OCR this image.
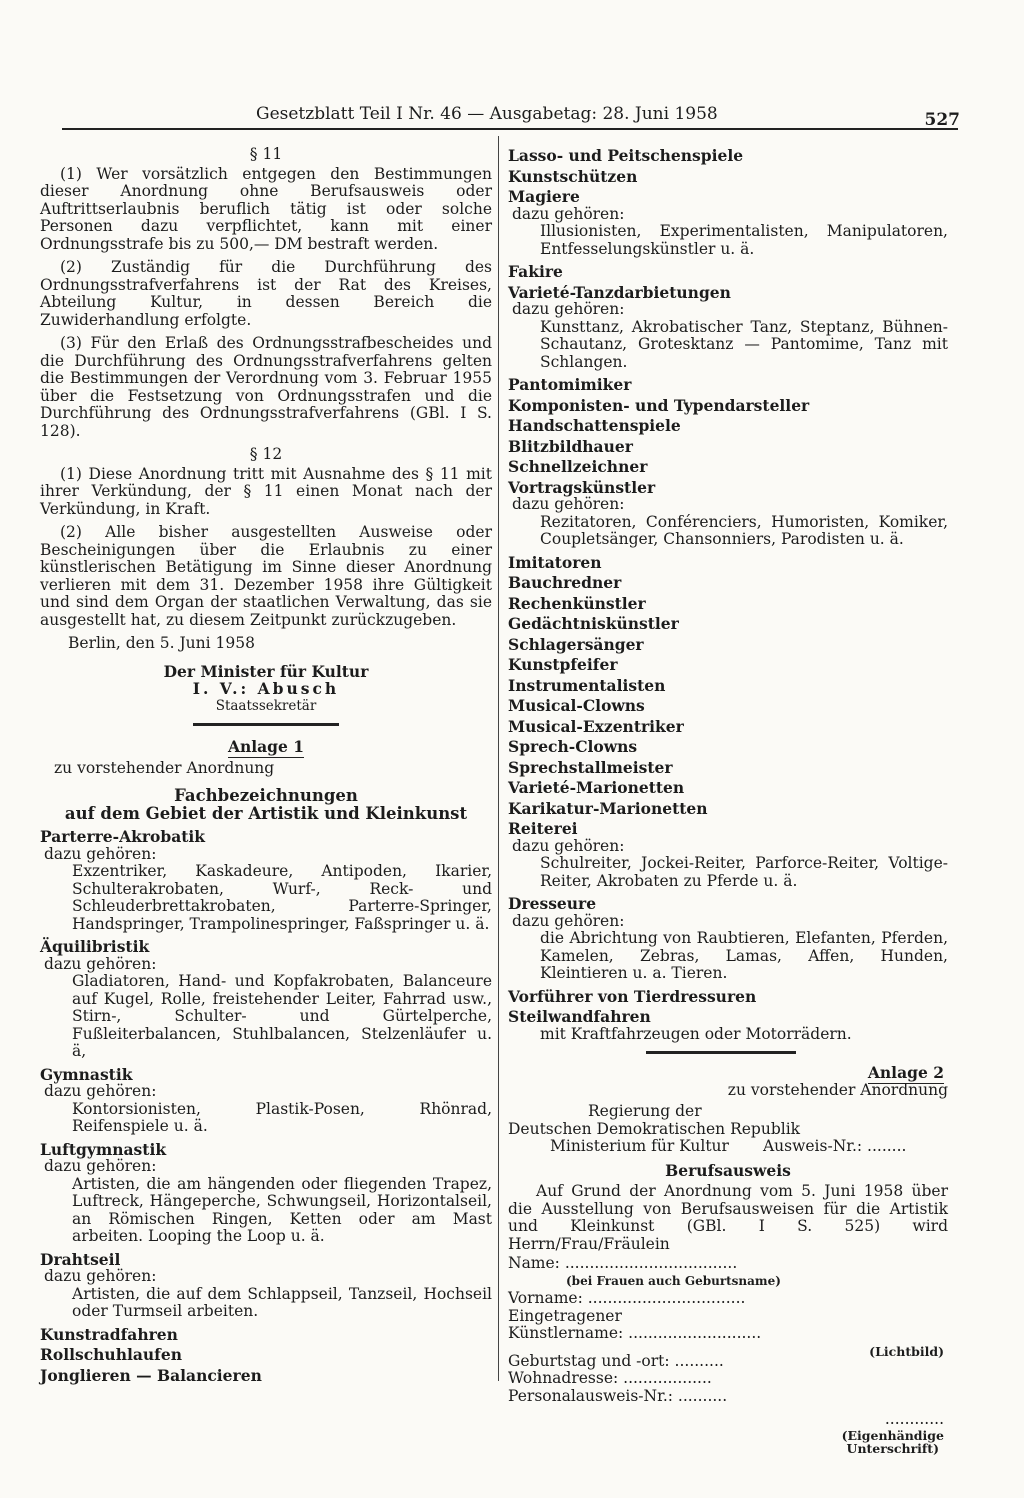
Gesetzblatt Teil I Nr. 46 — Ausgabetag: 28. Juni 1958	527

§ 11

(1) Wer vorsätzlich entgegen den Bestimmungen dieser Anordnung ohne Berufsausweis oder Auftrittserlaubnis beruflich tätig ist oder solche Personen dazu verpflichtet, kann mit einer Ordnungsstrafe bis zu 500,— DM bestraft werden.

(2) Zuständig für die Durchführung des Ordnungsstrafverfahrens ist der Rat des Kreises, Abteilung Kultur, in dessen Bereich die Zuwiderhandlung erfolgte.

(3) Für den Erlaß des Ordnungsstrafbescheides und die Durchführung des Ordnungsstrafverfahrens gelten die Bestimmungen der Verordnung vom 3. Februar 1955 über die Festsetzung von Ordnungsstrafen und die Durchführung des Ordnungsstrafverfahrens (GBl. I S. 128).

§ 12

(1) Diese Anordnung tritt mit Ausnahme des § 11 mit ihrer Verkündung, der § 11 einen Monat nach der Verkündung, in Kraft.

(2) Alle bisher ausgestellten Ausweise oder Bescheinigungen über die Erlaubnis zu einer künstlerischen Betätigung im Sinne dieser Anordnung verlieren mit dem 31. Dezember 1958 ihre Gültigkeit und sind dem Organ der staatlichen Verwaltung, das sie ausgestellt hat, zu diesem Zeitpunkt zurückzugeben.

Berlin, den 5. Juni 1958

Der Minister für Kultur

I. V.: Abusch

Staatssekretär

Anlage 1

zu vorstehender Anordnung

Fachbezeichnungen

auf dem Gebiet der Artistik und Kleinkunst

Parterre-Akrobatik

dazu gehören:

Exzentriker, Kaskadeure, Antipoden, Ikarier, Schulterakrobaten, Wurf-, Reck- und Schleuderbrettakrobaten, Parterre-Springer, Handspringer, Trampolinespringer, Faßspringer u. ä.

Äquilibristik

dazu gehören:

Gladiatoren, Hand- und Kopfakrobaten, Balanceure auf Kugel, Rolle, freistehender Leiter, Fahrrad usw., Stirn-, Schulter- und Gürtelperche, Fußleiterbalancen, Stuhlbalancen, Stelzenläufer u. ä,

Gymnastik

dazu gehören:

Kontorsionisten, Plastik-Posen, Rhönrad, Reifenspiele u. ä.

Luftgymnastik

dazu gehören:

Artisten, die am hängenden oder fliegenden Trapez, Luftreck, Hängeperche, Schwungseil, Horizontalseil, an Römischen Ringen, Ketten oder am Mast arbeiten. Looping the Loop u. ä.

Drahtseil

dazu gehören:

Artisten, die auf dem Schlappseil, Tanzseil, Hochseil oder Turmseil arbeiten.

Kunstradfahren

Rollschuhlaufen

Jonglieren — Balancieren

Lasso- und Peitschenspiele

Kunstschützen

Magiere

dazu gehören:

Illusionisten, Experimentalisten, Manipulatoren, Entfesselungskünstler u. ä.

Fakire

Varieté-Tanzdarbietungen

dazu gehören:

Kunsttanz, Akrobatischer Tanz, Steptanz, Bühnen-Schautanz, Grotesktanz — Pantomime, Tanz mit Schlangen.

Pantomimiker

Komponisten- und Typendarsteller

Handschattenspiele

Blitzbildhauer

Schnellzeichner

Vortragskünstler

dazu gehören:

Rezitatoren, Conférenciers, Humoristen, Komiker, Coupletsänger, Chansonniers, Parodisten u. ä.

Imitatoren

Bauchredner

Rechenkünstler

Gedächtniskünstler

Schlagersänger

Kunstpfeifer

Instrumentalisten

Musical-Clowns

Musical-Exzentriker

Sprech-Clowns

Sprechstallmeister

Varieté-Marionetten

Karikatur-Marionetten

Reiterei

dazu gehören:

Schulreiter, Jockei-Reiter, Parforce-Reiter, Voltige-Reiter, Akrobaten zu Pferde u. ä.

Dresseure

dazu gehören:

die Abrichtung von Raubtieren, Elefanten, Pferden, Kamelen, Zebras, Lamas, Affen, Hunden, Kleintieren u. a. Tieren.

Vorführer von Tierdressuren

Steilwandfahren

mit Kraftfahrzeugen oder Motorrädern.

Anlage 2

zu vorstehender Anordnung

Regierung der

Deutschen Demokratischen Republik

Ministerium für Kultur Ausweis-Nr.: ........

Berufsausweis

Auf Grund der Anordnung vom 5. Juni 1958 über die Ausstellung von Berufsausweisen für die Artistik und Kleinkunst (GBl. I S. 525) wird Herrn/Frau/Fräulein

Name: ...................................

(bei Frauen auch Geburtsname)

Vorname: ................................

Eingetragener

Künstlername: ...........................

(Lichtbild)

Geburtstag und -ort: ..........

Wohnadresse: ..................

Personalausweis-Nr.: ..........

............
(Eigenhändige
Unterschrift)
